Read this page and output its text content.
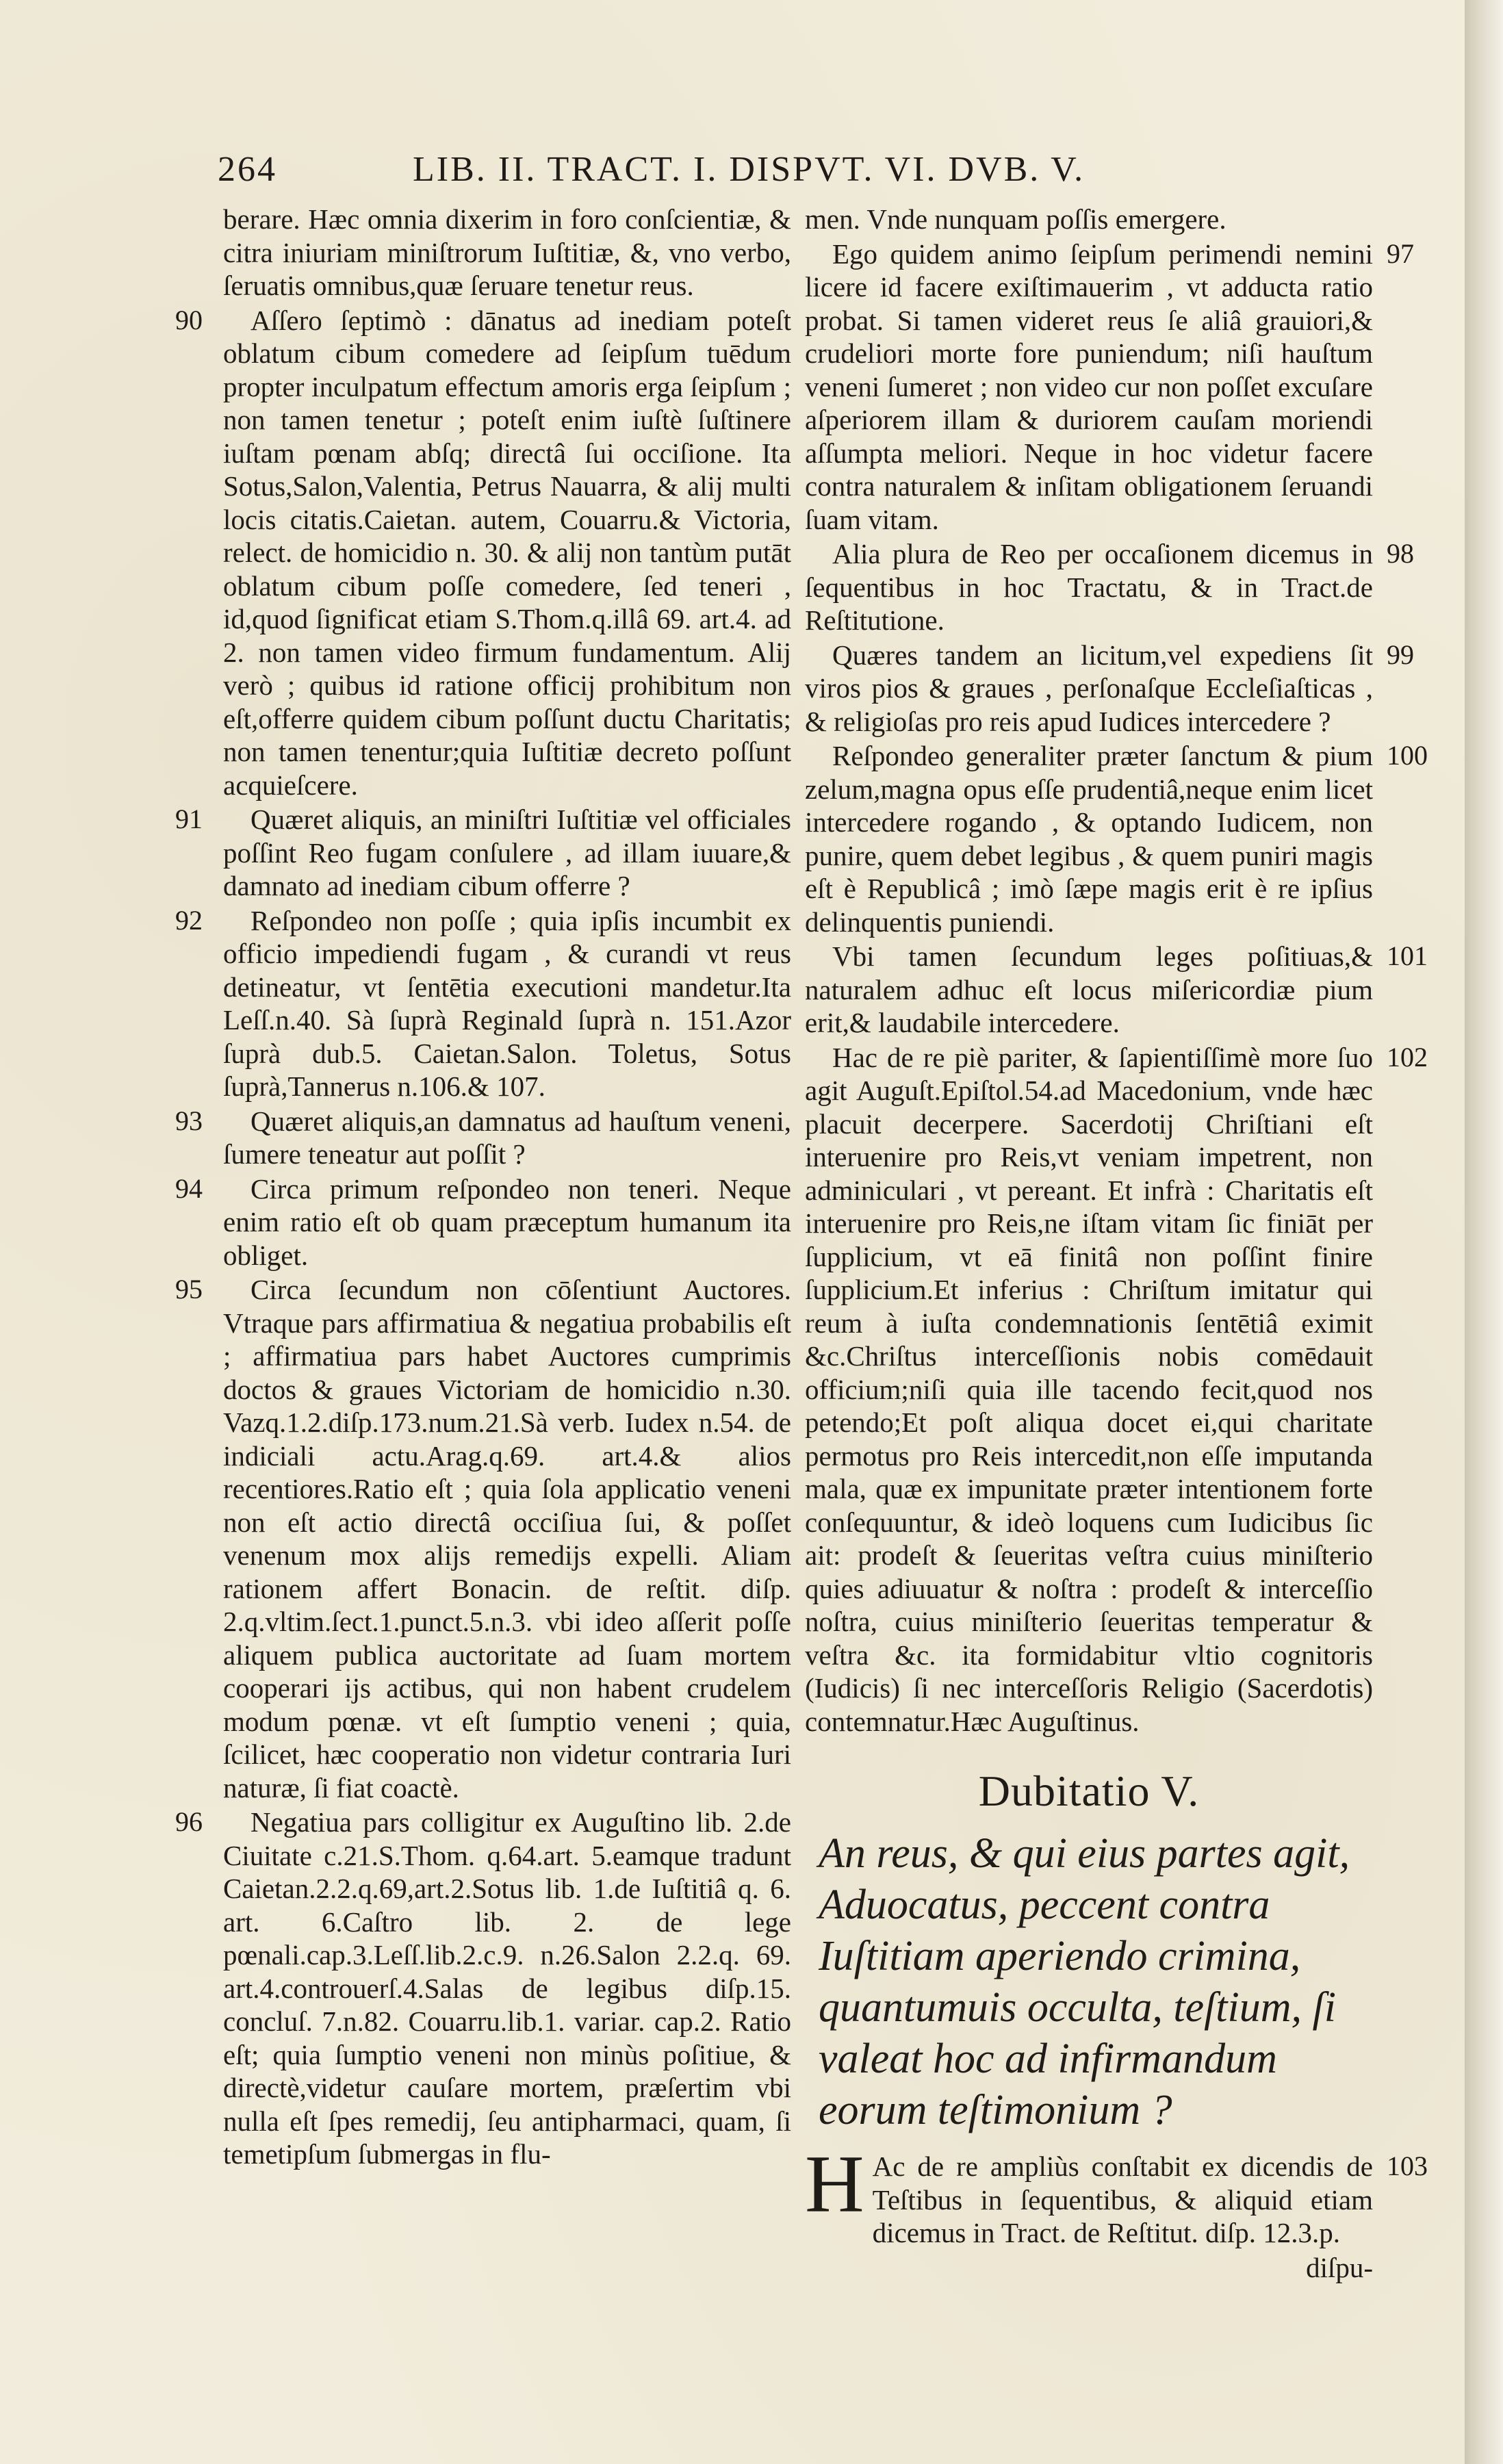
264	LIB. II. TRACT. I. DISPVT. VI. DVB. V.

berare. Hæc omnia dixerim in foro conſcientiæ, & citra iniuriam miniſtrorum Iuſtitiæ, &, vno verbo, ſeruatis omnibus,quæ ſeruare tenetur reus.

90 Aſſero ſeptimò : dānatus ad inediam poteſt oblatum cibum comedere ad ſeipſum tuēdum propter inculpatum effectum amoris erga ſeipſum ; non tamen tenetur ; poteſt enim iuſtè ſuſtinere iuſtam pœnam abſq; directâ ſui occiſione. Ita Sotus,Salon,Valentia, Petrus Nauarra, & alij multi locis citatis.Caietan. autem, Couarru.& Victoria, relect. de homicidio n. 30. & alij non tantùm putāt oblatum cibum poſſe comedere, ſed teneri , id,quod ſignificat etiam S.Thom.q.illâ 69. art.4. ad 2. non tamen video firmum fundamentum. Alij verò ; quibus id ratione officij prohibitum non eſt,offerre quidem cibum poſſunt ductu Charitatis; non tamen tenentur;quia Iuſtitiæ decreto poſſunt acquieſcere.

91 Quæret aliquis, an miniſtri Iuſtitiæ vel officiales poſſint Reo fugam conſulere , ad illam iuuare,& damnato ad inediam cibum offerre ?

92 Reſpondeo non poſſe ; quia ipſis incumbit ex officio impediendi fugam , & curandi vt reus detineatur, vt ſentētia executioni mandetur.Ita Leſſ.n.40. Sà ſuprà Reginald ſuprà n. 151.Azor ſuprà dub.5. Caietan.Salon. Toletus, Sotus ſuprà,Tannerus n.106.& 107.

93 Quæret aliquis,an damnatus ad hauſtum veneni, ſumere teneatur aut poſſit ?

94 Circa primum reſpondeo non teneri. Neque enim ratio eſt ob quam præceptum humanum ita obliget.

95 Circa ſecundum non cōſentiunt Auctores. Vtraque pars affirmatiua & negatiua probabilis eſt ; affirmatiua pars habet Auctores cumprimis doctos & graues Victoriam de homicidio n.30. Vazq.1.2.diſp.173.num.21.Sà verb. Iudex n.54. de indiciali actu.Arag.q.69. art.4.& alios recentiores.Ratio eſt ; quia ſola applicatio veneni non eſt actio directâ occiſiua ſui, & poſſet venenum mox alijs remedijs expelli. Aliam rationem affert Bonacin. de reſtit. diſp. 2.q.vltim.ſect.1.punct.5.n.3. vbi ideo aſſerit poſſe aliquem publica auctoritate ad ſuam mortem cooperari ijs actibus, qui non habent crudelem modum pœnæ. vt eſt ſumptio veneni ; quia, ſcilicet, hæc cooperatio non videtur contraria Iuri naturæ, ſi fiat coactè.

96 Negatiua pars colligitur ex Auguſtino lib. 2.de Ciuitate c.21.S.Thom. q.64.art. 5.eamque tradunt Caietan.2.2.q.69,art.2.Sotus lib. 1.de Iuſtitiâ q. 6. art. 6.Caſtro lib. 2. de lege pœnali.cap.3.Leſſ.lib.2.c.9. n.26.Salon 2.2.q. 69. art.4.controuerſ.4.Salas de legibus diſp.15. concluſ. 7.n.82. Couarru.lib.1. variar. cap.2. Ratio eſt; quia ſumptio veneni non minùs poſitiue, & directè,videtur cauſare mortem, præſertim vbi nulla eſt ſpes remedij, ſeu antipharmaci, quam, ſi temetipſum ſubmergas in flu-

men. Vnde nunquam poſſis emergere.

97
Ego quidem animo ſeipſum perimendi nemini licere id facere exiſtimauerim , vt adducta ratio probat. Si tamen videret reus ſe aliâ grauiori,& crudeliori morte fore puniendum; niſi hauſtum veneni ſumeret ; non video cur non poſſet excuſare aſperiorem illam & duriorem cauſam moriendi aſſumpta meliori. Neque in hoc videtur facere contra naturalem & inſitam obligationem ſeruandi ſuam vitam.

98
Alia plura de Reo per occaſionem dicemus in ſequentibus in hoc Tractatu, & in Tract.de Reſtitutione.

99
Quæres tandem an licitum,vel expediens ſit viros pios & graues , perſonaſque Eccleſiaſticas , & religioſas pro reis apud Iudices intercedere ?

100
Reſpondeo generaliter præter ſanctum & pium zelum,magna opus eſſe prudentiâ,neque enim licet intercedere rogando , & optando Iudicem, non punire, quem debet legibus , & quem puniri magis eſt è Republicâ ; imò ſæpe magis erit è re ipſius delinquentis puniendi.

101
Vbi tamen ſecundum leges poſitiuas,& naturalem adhuc eſt locus miſericordiæ pium erit,& laudabile intercedere.

102
Hac de re piè pariter, & ſapientiſſimè more ſuo agit Auguſt.Epiſtol.54.ad Macedonium, vnde hæc placuit decerpere. Sacerdotij Chriſtiani eſt interuenire pro Reis,vt veniam impetrent, non adminiculari , vt pereant. Et infrà : Charitatis eſt interuenire pro Reis,ne iſtam vitam ſic finiāt per ſupplicium, vt eā finitâ non poſſint finire ſupplicium.Et inferius : Chriſtum imitatur qui reum à iuſta condemnationis ſentētiâ eximit &c.Chriſtus interceſſionis nobis comēdauit officium;niſi quia ille tacendo fecit,quod nos petendo;Et poſt aliqua docet ei,qui charitate permotus pro Reis intercedit,non eſſe imputanda mala, quæ ex impunitate præter intentionem forte conſequuntur, & ideò loquens cum Iudicibus ſic ait: prodeſt & ſeueritas veſtra cuius miniſterio quies adiuuatur & noſtra : prodeſt & interceſſio noſtra, cuius miniſterio ſeueritas temperatur & veſtra &c. ita formidabitur vltio cognitoris (Iudicis) ſi nec interceſſoris Religio (Sacerdotis) contemnatur.Hæc Auguſtinus.

Dubitatio V.
An reus, & qui eius partes agit, Aduocatus, peccent contra Iuſtitiam aperiendo crimina, quantumuis occulta, teſtium, ſi valeat hoc ad infirmandum eorum teſtimonium ?

103
H Ac de re ampliùs conſtabit ex dicendis de Teſtibus in ſequentibus, & aliquid etiam dicemus in Tract. de Reſtitut. diſp. 12.3.p.

diſpu-
